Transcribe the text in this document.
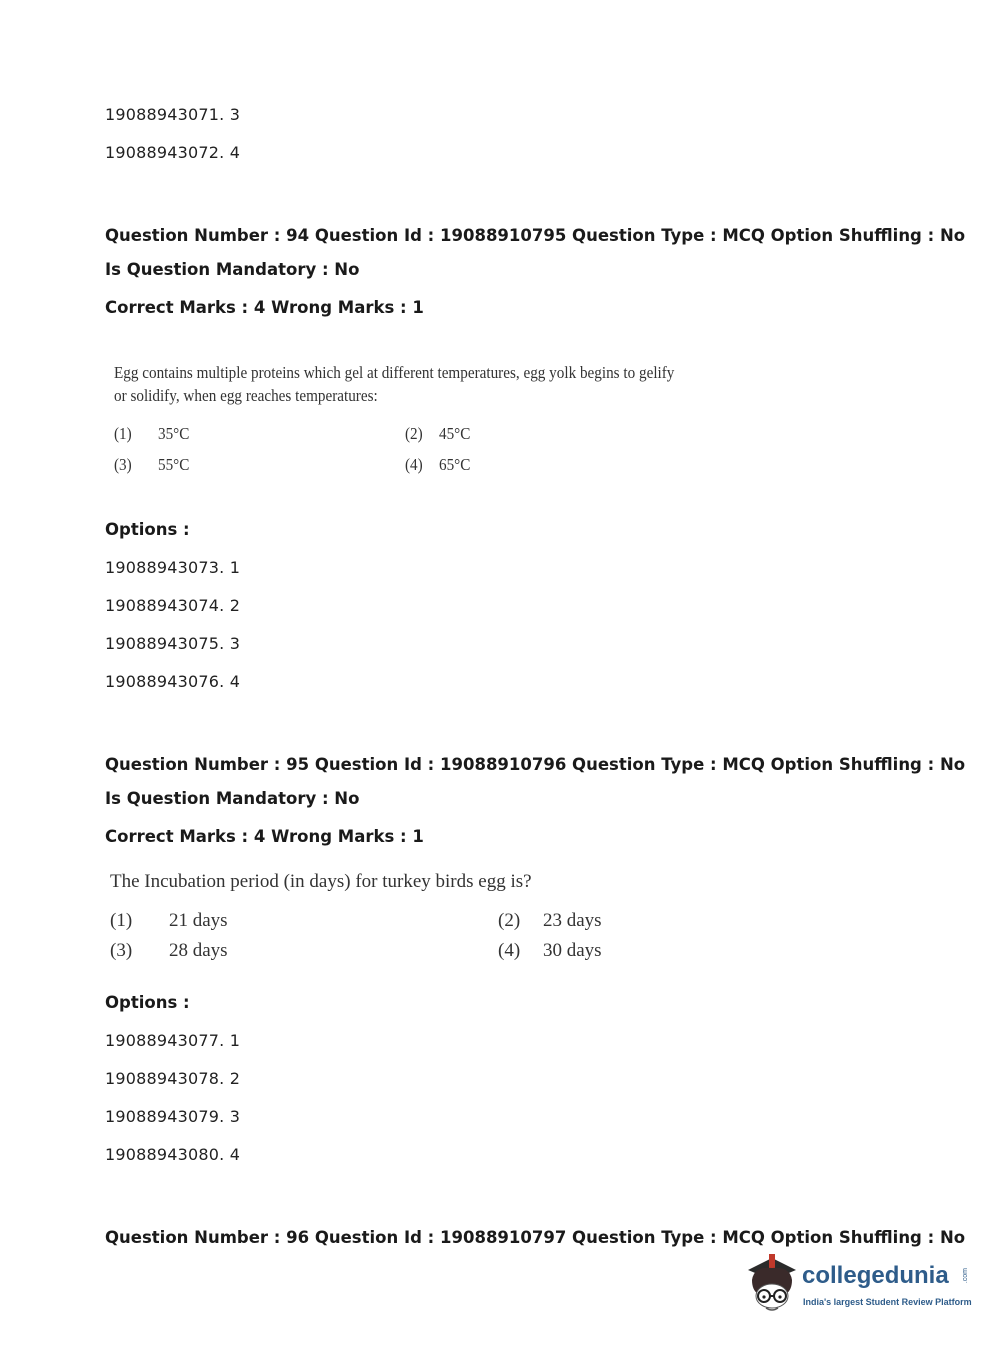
19088943071. 3
19088943072. 4
Question Number : 94 Question Id : 19088910795 Question Type : MCQ Option Shuffling : No
Is Question Mandatory : No
Correct Marks : 4 Wrong Marks : 1
Egg contains multiple proteins which gel at different temperatures, egg yolk begins to gelify
or solidify, when egg reaches temperatures:
(1) 35°C	(2) 45°C
(3) 55°C	(4) 65°C
Options :
19088943073. 1
19088943074. 2
19088943075. 3
19088943076. 4
Question Number : 95 Question Id : 19088910796 Question Type : MCQ Option Shuffling : No
Is Question Mandatory : No
Correct Marks : 4 Wrong Marks : 1
The Incubation period (in days) for turkey birds egg is?
(1) 21 days	(2) 23 days
(3) 28 days	(4) 30 days
Options :
19088943077. 1
19088943078. 2
19088943079. 3
19088943080. 4
Question Number : 96 Question Id : 19088910797 Question Type : MCQ Option Shuffling : No
collegedunia .com
India's largest Student Review Platform
